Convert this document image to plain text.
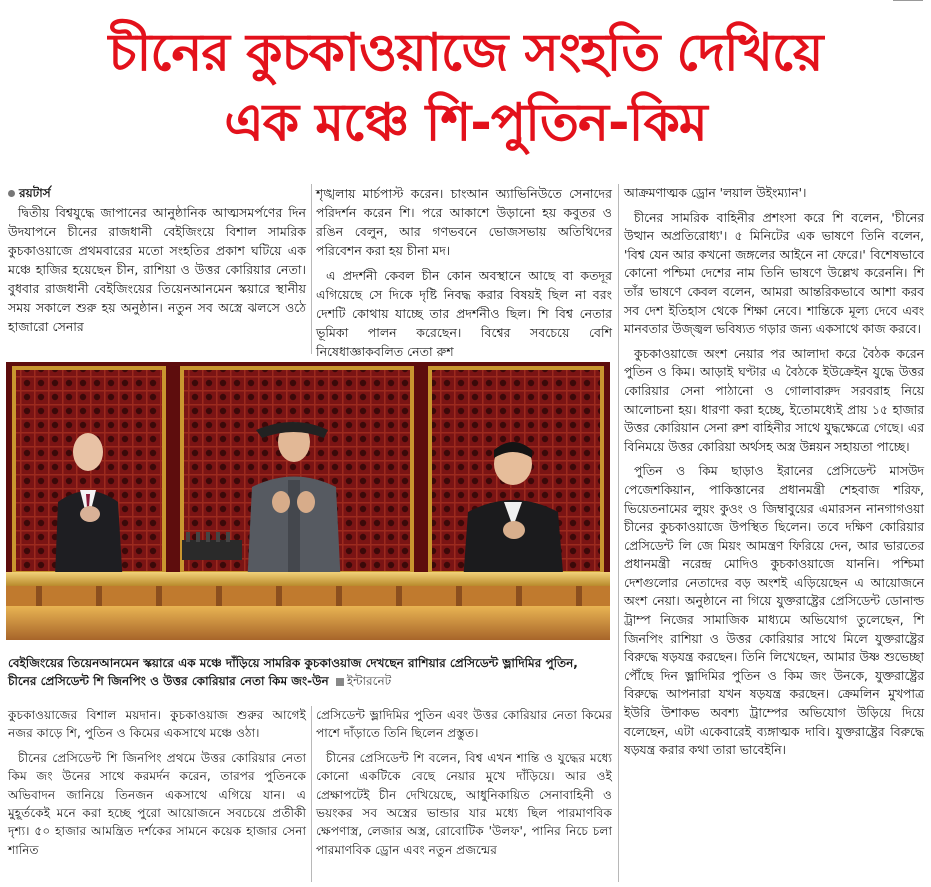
চীনের কুচকাওয়াজে সংহতি দেখিয়ে
এক মঞ্চে শি-পুতিন-কিম
রয়টার্স

দ্বিতীয় বিশ্বযুদ্ধে জাপানের আনুষ্ঠানিক আত্মসমর্পণের দিন উদযাপনে চীনের রাজধানী বেইজিংয়ে বিশাল সামরিক কুচকাওয়াজে প্রথমবারের মতো সংহতির প্রকাশ ঘটিয়ে এক মঞ্চে হাজির হয়েছেন চীন, রাশিয়া ও উত্তর কোরিয়ার নেতা। বুধবার রাজধানী বেইজিংয়ের তিয়েনআনমেন স্কয়ারে স্থানীয় সময় সকালে শুরু হয় অনুষ্ঠান। নতুন সব অস্ত্রে ঝলসে ওঠে হাজারো সেনার

শৃঙ্খলায় মার্চপাস্ট করেন। চাংআন অ্যাভিনিউতে সেনাদের পরিদর্শন করেন শি। পরে আকাশে উড়ানো হয় কবুতর ও রঙিন বেলুন, আর গণভবনে ভোজসভায় অতিথিদের পরিবেশন করা হয় চীনা মদ।

এ প্রদর্শনী কেবল চীন কোন অবস্থানে আছে বা কতদূর এগিয়েছে সে দিকে দৃষ্টি নিবদ্ধ করার বিষয়ই ছিল না বরং দেশটি কোথায় যাচ্ছে তার প্রদর্শনীও ছিল। শি বিশ্ব নেতার ভূমিকা পালন করেছেন। বিশ্বের সবচেয়ে বেশি নিষেধাজ্ঞাকবলিত নেতা রুশ

আক্রমণাত্মক ড্রোন 'লয়াল উইংম্যান'।

চীনের সামরিক বাহিনীর প্রশংসা করে শি বলেন, 'চীনের উত্থান অপ্রতিরোধ্য'। ৫ মিনিটের এক ভাষণে তিনি বলেন, 'বিশ্ব যেন আর কখনো জঙ্গলের আইনে না ফেরে।' বিশেষভাবে কোনো পশ্চিমা দেশের নাম তিনি ভাষণে উল্লেখ করেননি। শি তাঁর ভাষণে কেবল বলেন, আমরা আন্তরিকভাবে আশা করব সব দেশ ইতিহাস থেকে শিক্ষা নেবে। শান্তিকে মূল্য দেবে এবং মানবতার উজ্জ্বল ভবিষ্যত গড়ার জন্য একসাথে কাজ করবে।

কুচকাওয়াজে অংশ নেয়ার পর আলাদা করে বৈঠক করেন পুতিন ও কিম। আড়াই ঘণ্টার এ বৈঠকে ইউক্রেইন যুদ্ধে উত্তর কোরিয়ার সেনা পাঠানো ও গোলাবারুদ সরবরাহ নিয়ে আলোচনা হয়। ধারণা করা হচ্ছে, ইতোমধ্যেই প্রায় ১৫ হাজার উত্তর কোরিয়ান সেনা রুশ বাহিনীর সাথে যুদ্ধক্ষেত্রে গেছে। এর বিনিময়ে উত্তর কোরিয়া অর্থসহ অস্ত্র উন্নয়ন সহায়তা পাচ্ছে।

পুতিন ও কিম ছাড়াও ইরানের প্রেসিডেন্ট মাসউদ পেজেশকিয়ান, পাকিস্তানের প্রধানমন্ত্রী শেহবাজ শরিফ, ভিয়েতনামের লুয়ং কুওং ও জিম্বাবুয়ের এমারসন নানগাগওয়া চীনের কুচকাওয়াজে উপস্থিত ছিলেন। তবে দক্ষিণ কোরিয়ার প্রেসিডেন্ট লি জে মিয়ং আমন্ত্রণ ফিরিয়ে দেন, আর ভারতের প্রধানমন্ত্রী নরেন্দ্র মোদিও কুচকাওয়াজে যাননি। পশ্চিমা দেশগুলোর নেতাদের বড় অংশই এড়িয়েছেন এ আয়োজনে অংশ নেয়া। অনুষ্ঠানে না গিয়ে যুক্তরাষ্ট্রের প্রেসিডেন্ট ডোনাল্ড ট্রাম্প নিজের সামাজিক মাধ্যমে অভিযোগ তুলেছেন, শি জিনপিং রাশিয়া ও উত্তর কোরিয়ার সাথে মিলে যুক্তরাষ্ট্রের বিরুদ্ধে ষড়যন্ত্র করছেন। তিনি লিখেছেন, আমার উষ্ণ শুভেচ্ছা পৌঁছে দিন ভ্লাদিমির পুতিন ও কিম জং উনকে, যুক্তরাষ্ট্রের বিরুদ্ধে আপনারা যখন ষড়যন্ত্র করছেন। ক্রেমলিন মুখপাত্র ইউরি উশাকভ অবশ্য ট্রাম্পের অভিযোগ উড়িয়ে দিয়ে বলেছেন, এটা একেবারেই ব্যঙ্গাত্মক দাবি। যুক্তরাষ্ট্রের বিরুদ্ধে ষড়যন্ত্র করার কথা তারা ভাবেইনি।

বেইজিংয়ের তিয়েনআনমেন স্কয়ারে এক মঞ্চে দাঁড়িয়ে সামরিক কুচকাওয়াজ দেখছেন রাশিয়ার প্রেসিডেন্ট ভ্লাদিমির পুতিন, চীনের প্রেসিডেন্ট শি জিনপিং ও উত্তর কোরিয়ার নেতা কিম জং-উন ইন্টারনেট

কুচকাওয়াজের বিশাল ময়দান। কুচকাওয়াজ শুরুর আগেই নজর কাড়ে শি, পুতিন ও কিমের একসাথে মঞ্চে ওঠা।

চীনের প্রেসিডেন্ট শি জিনপিং প্রথমে উত্তর কোরিয়ার নেতা কিম জং উনের সাথে করমর্দন করেন, তারপর পুতিনকে অভিবাদন জানিয়ে তিনজন একসাথে এগিয়ে যান। এ মুহূর্তকেই মনে করা হচ্ছে পুরো আয়োজনে সবচেয়ে প্রতীকী দৃশ্য। ৫০ হাজার আমন্ত্রিত দর্শকের সামনে কয়েক হাজার সেনা শানিত

প্রেসিডেন্ট ভ্লাদিমির পুতিন এবং উত্তর কোরিয়ার নেতা কিমের পাশে দাঁড়াতে তিনি ছিলেন প্রস্তুত।

চীনের প্রেসিডেন্ট শি বলেন, বিশ্ব এখন শান্তি ও যুদ্ধের মধ্যে কোনো একটিকে বেছে নেয়ার মুখে দাঁড়িয়ে। আর ওই প্রেক্ষাপটেই চীন দেখিয়েছে, আধুনিকায়িত সেনাবাহিনী ও ভয়ংকর সব অস্ত্রের ভান্ডার যার মধ্যে ছিল পারমাণবিক ক্ষেপণাস্ত্র, লেজার অস্ত্র, রোবোটিক 'উলফ', পানির নিচে চলা পারমাণবিক ড্রোন এবং নতুন প্রজন্মের
